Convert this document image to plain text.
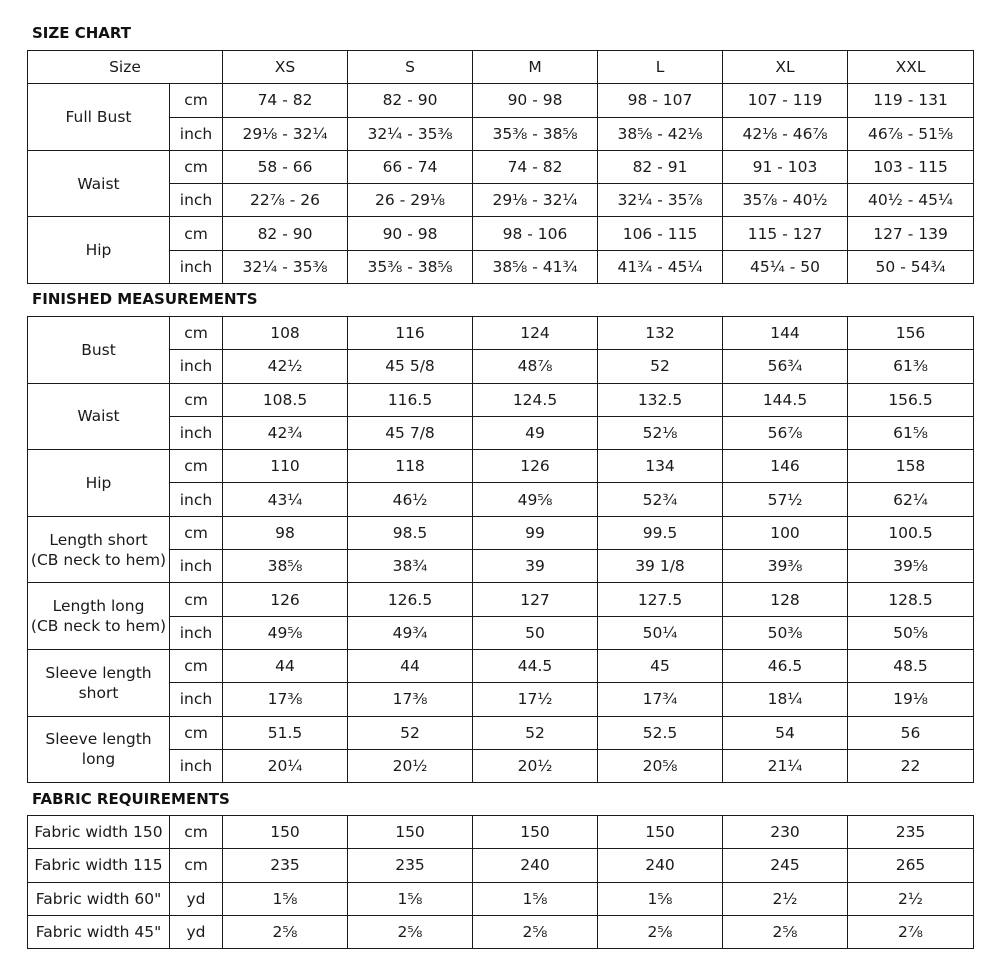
SIZE CHART
Size		XS	S	M	L	XL	XXL
Full Bust	cm	74 - 82	82 - 90	90 - 98	98 - 107	107 - 119	119 - 131
	inch	29⅛ - 32¼	32¼ - 35⅜	35⅜ - 38⅝	38⅝ - 42⅛	42⅛ - 46⅞	46⅞ - 51⅝
Waist	cm	58 - 66	66 - 74	74 - 82	82 - 91	91 - 103	103 - 115
	inch	22⅞ - 26	26 - 29⅛	29⅛ - 32¼	32¼ - 35⅞	35⅞ - 40½	40½ - 45¼
Hip	cm	82 - 90	90 - 98	98 - 106	106 - 115	115 - 127	127 - 139
	inch	32¼ - 35⅜	35⅜ - 38⅝	38⅝ - 41¾	41¾ - 45¼	45¼ - 50	50 - 54¾
FINISHED MEASUREMENTS
Bust	cm	108	116	124	132	144	156
	inch	42½	45 5/8	48⅞	52	56¾	61⅜
Waist	cm	108.5	116.5	124.5	132.5	144.5	156.5
	inch	42¾	45 7/8	49	52⅛	56⅞	61⅝
Hip	cm	110	118	126	134	146	158
	inch	43¼	46½	49⅝	52¾	57½	62¼
Length short
(CB neck to hem)	cm	98	98.5	99	99.5	100	100.5
	inch	38⅝	38¾	39	39 1/8	39⅜	39⅝
Length long
(CB neck to hem)	cm	126	126.5	127	127.5	128	128.5
	inch	49⅝	49¾	50	50¼	50⅜	50⅝
Sleeve length
short	cm	44	44	44.5	45	46.5	48.5
	inch	17⅜	17⅜	17½	17¾	18¼	19⅛
Sleeve length
long	cm	51.5	52	52	52.5	54	56
	inch	20¼	20½	20½	20⅝	21¼	22
FABRIC REQUIREMENTS
Fabric width 150	cm	150	150	150	150	230	235
Fabric width 115	cm	235	235	240	240	245	265
Fabric width 60"	yd	1⅝	1⅝	1⅝	1⅝	2½	2½
Fabric width 45"	yd	2⅝	2⅝	2⅝	2⅝	2⅝	2⅞
